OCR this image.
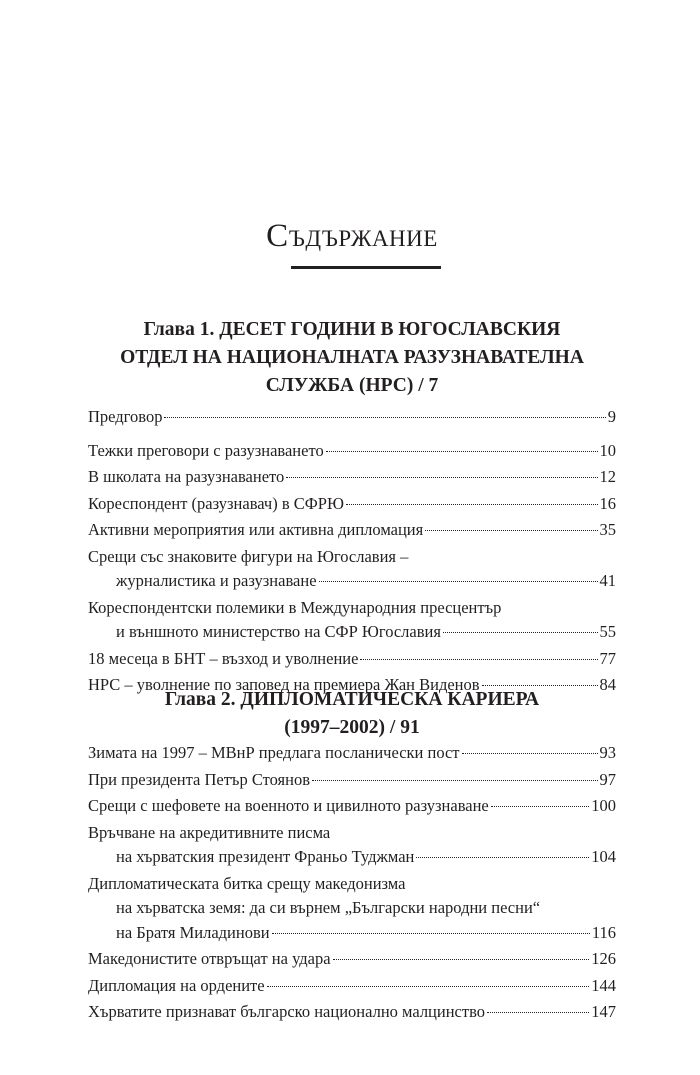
Съдържание
Глава 1. ДЕСЕТ ГОДИНИ В ЮГОСЛАВСКИЯ
ОТДЕЛ НА НАЦИОНАЛНАТА РАЗУЗНАВАТЕЛНА
СЛУЖБА (НРС) / 7
Предговор	9
Тежки преговори с разузнаването	10
В школата на разузнаването	12
Кореспондент (разузнавач) в СФРЮ	16
Активни мероприятия или активна дипломация	35
Срещи със знаковите фигури на Югославия –
журналистика и разузнаване	41
Кореспондентски полемики в Международния пресцентър
и външното министерство на СФР Югославия	55
18 месеца в БНТ – възход и уволнение	77
НРС – уволнение по заповед на премиера Жан Виденов	84
Глава 2. ДИПЛОМАТИЧЕСКА КАРИЕРА
(1997–2002) / 91
Зимата на 1997 – МВнР предлага посланически пост	93
При президента Петър Стоянов	97
Срещи с шефовете на военното и цивилното разузнаване	100
Връчване на акредитивните писма
на хърватския президент Франьо Туджман	104
Дипломатическата битка срещу македонизма
на хърватска земя: да си върнем „Български народни песни“
на Братя Миладинови	116
Македонистите отвръщат на удара	126
Дипломация на ордените	144
Хърватите признават българско национално малцинство	147
